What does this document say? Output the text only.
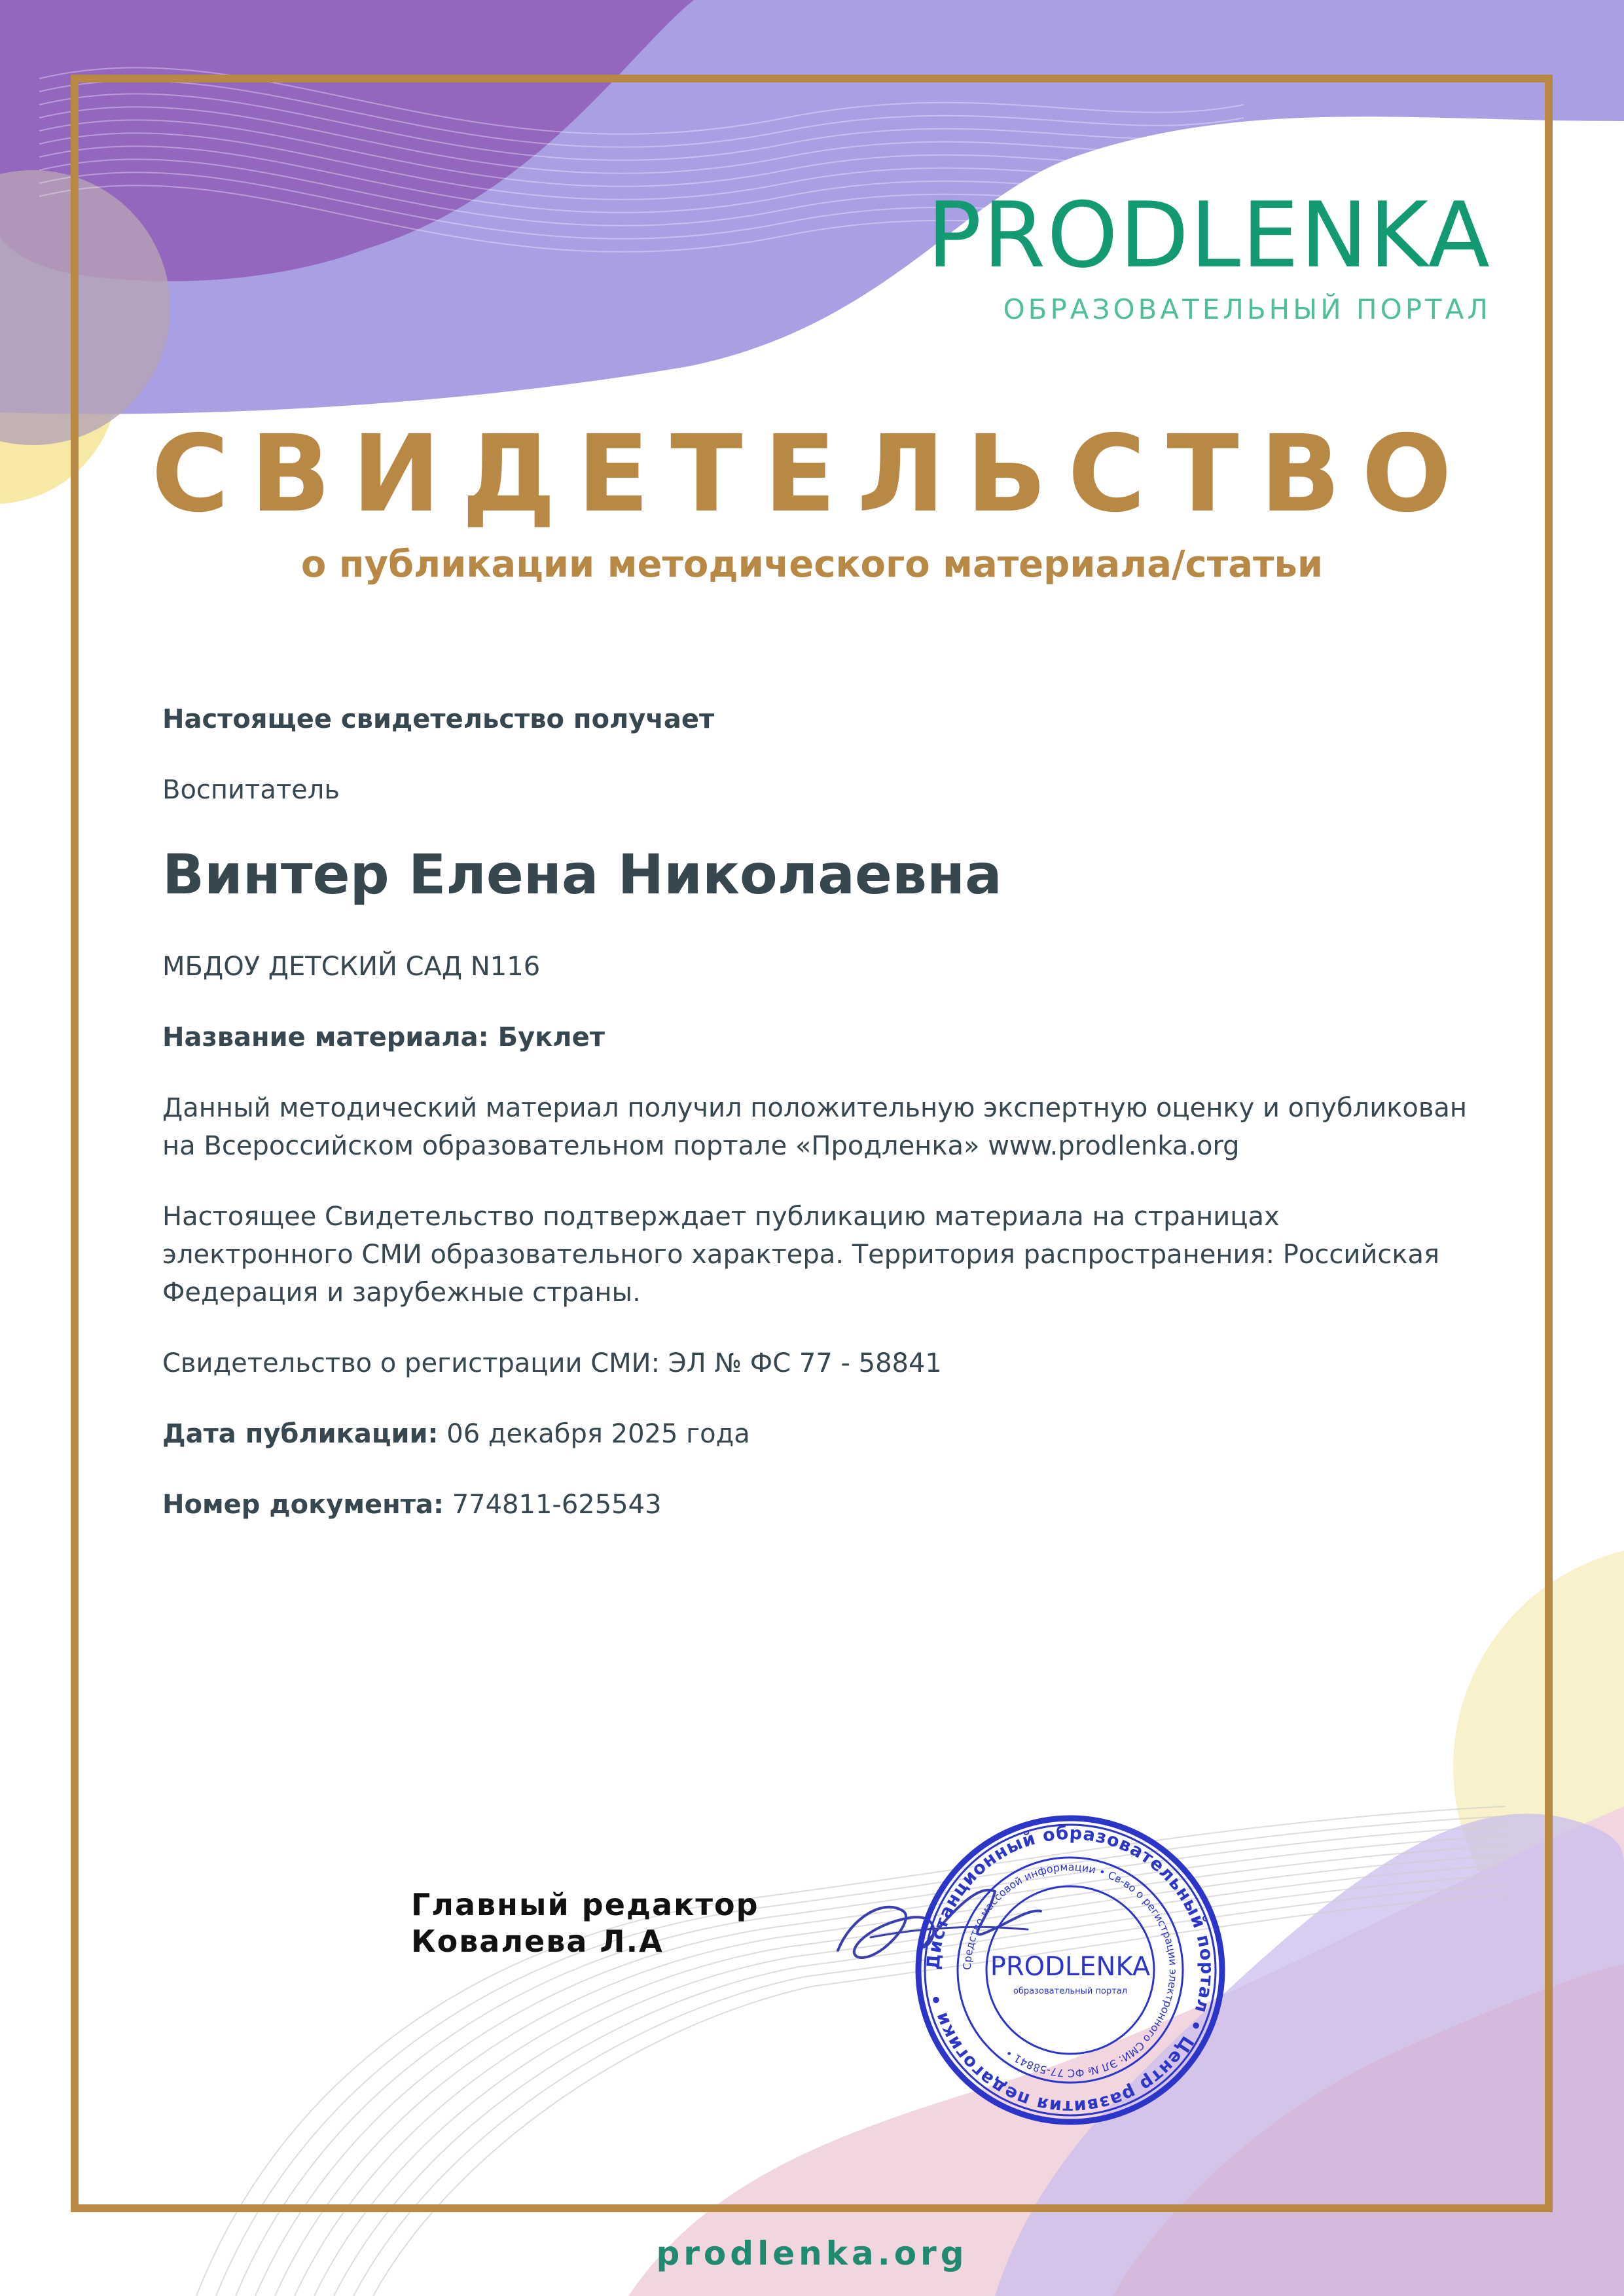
PRODLENKA
ОБРАЗОВАТЕЛЬНЫЙ ПОРТАЛ
СВИДЕТЕЛЬСТВО
о публикации методического материала/статьи

Настоящее свидетельство получает

Воспитатель

Винтер Елена Николаевна

МБДОУ ДЕТСКИЙ САД N116

Название материала: Буклет

Данный методический материал получил положительную экспертную оценку и опубликован на Всероссийском образовательном портале «Продленка» www.prodlenka.org

Настоящее Свидетельство подтверждает публикацию материала на страницах электронного СМИ образовательного характера. Территория распространения: Российская Федерация и зарубежные страны.

Свидетельство о регистрации СМИ: ЭЛ № ФС 77 - 58841

Дата публикации: 06 декабря 2025 года

Номер документа: 774811-625543

Главный редактор
Ковалева Л.А
Дистанционный образовательный портал • Центр развития педагогики •
Средство массовой информации • Св-во о регистрации электронного СМИ: ЭЛ № ФС 77-58841 •
PRODLENKA
образовательный портал
prodlenka.org
